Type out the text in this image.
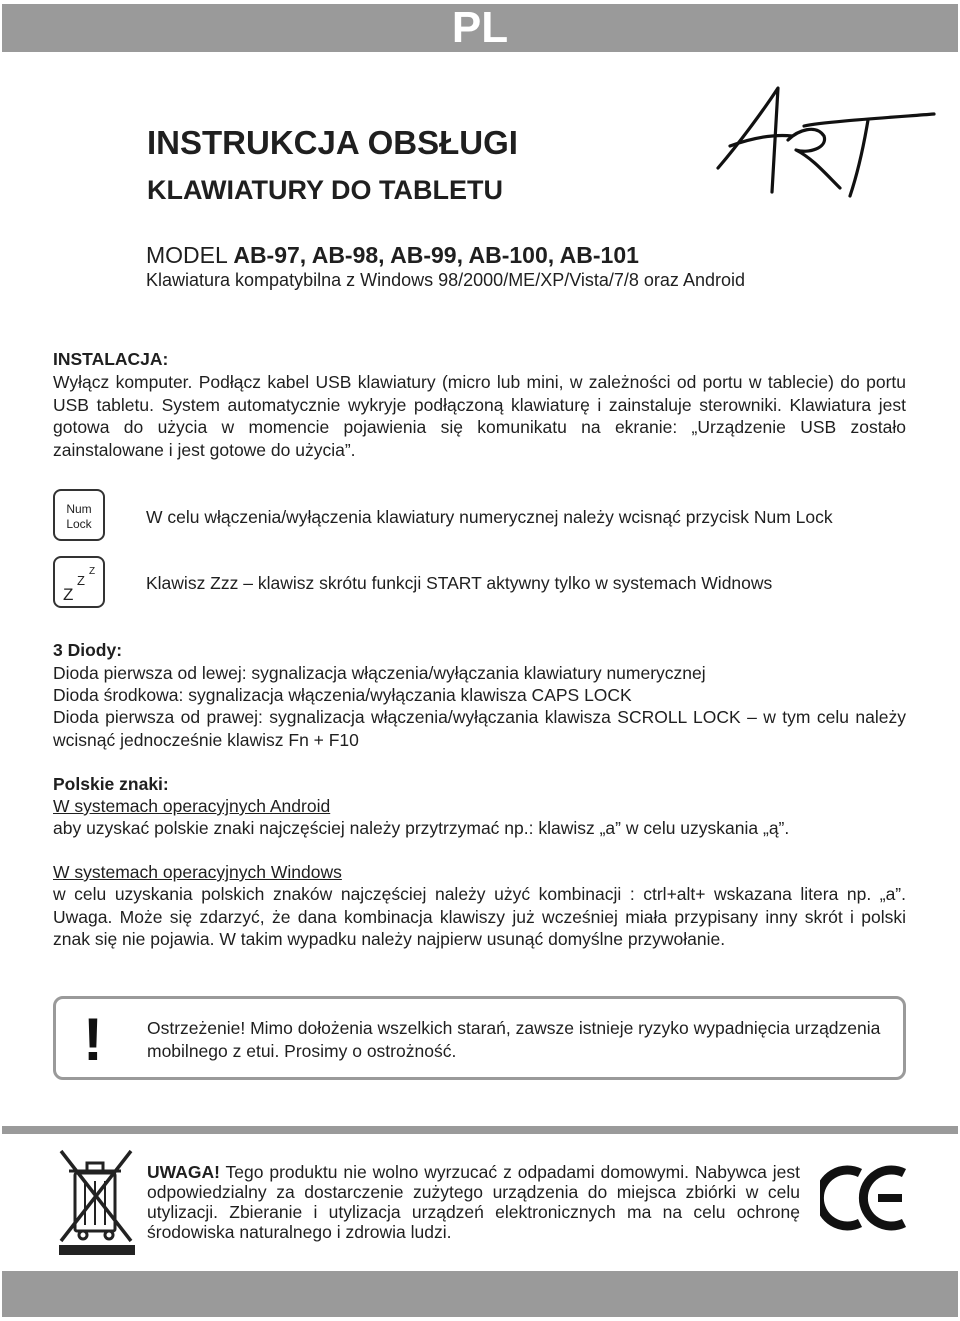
PL
INSTRUKCJA OBSŁUGI
KLAWIATURY DO TABLETU
MODEL AB-97, AB-98, AB-99, AB-100, AB-101
Klawiatura kompatybilna z Windows 98/2000/ME/XP/Vista/7/8 oraz Android
INSTALACJA:
Wyłącz komputer. Podłącz kabel USB klawiatury (micro lub mini, w zależności od portu w tablecie) do portu USB tabletu. System automatycznie wykryje podłączoną klawiaturę i zainstaluje sterowniki. Klawiatura jest gotowa do użycia w momencie pojawienia się komunikatu na ekranie: „Urządzenie USB zostało zainstalowane i jest gotowe do użycia”.
Num
Lock	W celu włączenia/wyłączenia klawiatury numerycznej należy wcisnąć przycisk Num Lock
Z
Z
Z
Klawisz Zzz – klawisz skrótu funkcji START aktywny tylko w systemach Widnows
3 Diody:
Dioda pierwsza od lewej: sygnalizacja włączenia/wyłączania klawiatury numerycznej
Dioda środkowa: sygnalizacja włączenia/wyłączania klawisza CAPS LOCK
Dioda pierwsza od prawej: sygnalizacja włączenia/wyłączania klawisza SCROLL LOCK – w tym celu należy wcisnąć jednocześnie klawisz Fn + F10
Polskie znaki:
W systemach operacyjnych Android
aby uzyskać polskie znaki najczęściej należy przytrzymać np.: klawisz „a” w celu uzyskania „ą”.
W systemach operacyjnych Windows
w celu uzyskania polskich znaków najczęściej należy użyć kombinacji : ctrl+alt+ wskazana litera np. „a”. Uwaga. Może się zdarzyć, że dana kombinacja klawiszy już wcześniej miała przypisany inny skrót i polski znak się nie pojawia. W takim wypadku należy najpierw usunąć domyślne przywołanie.
!	Ostrzeżenie! Mimo dołożenia wszelkich starań, zawsze istnieje ryzyko wypadnięcia urządzenia mobilnego z etui. Prosimy o ostrożność.
UWAGA! Tego produktu nie wolno wyrzucać z odpadami domowymi. Nabywca jest odpowiedzialny za dostarczenie zużytego urządzenia do miejsca zbiórki w celu utylizacji. Zbieranie i utylizacja urządzeń elektronicznych ma na celu ochronę środowiska naturalnego i zdrowia ludzi.
